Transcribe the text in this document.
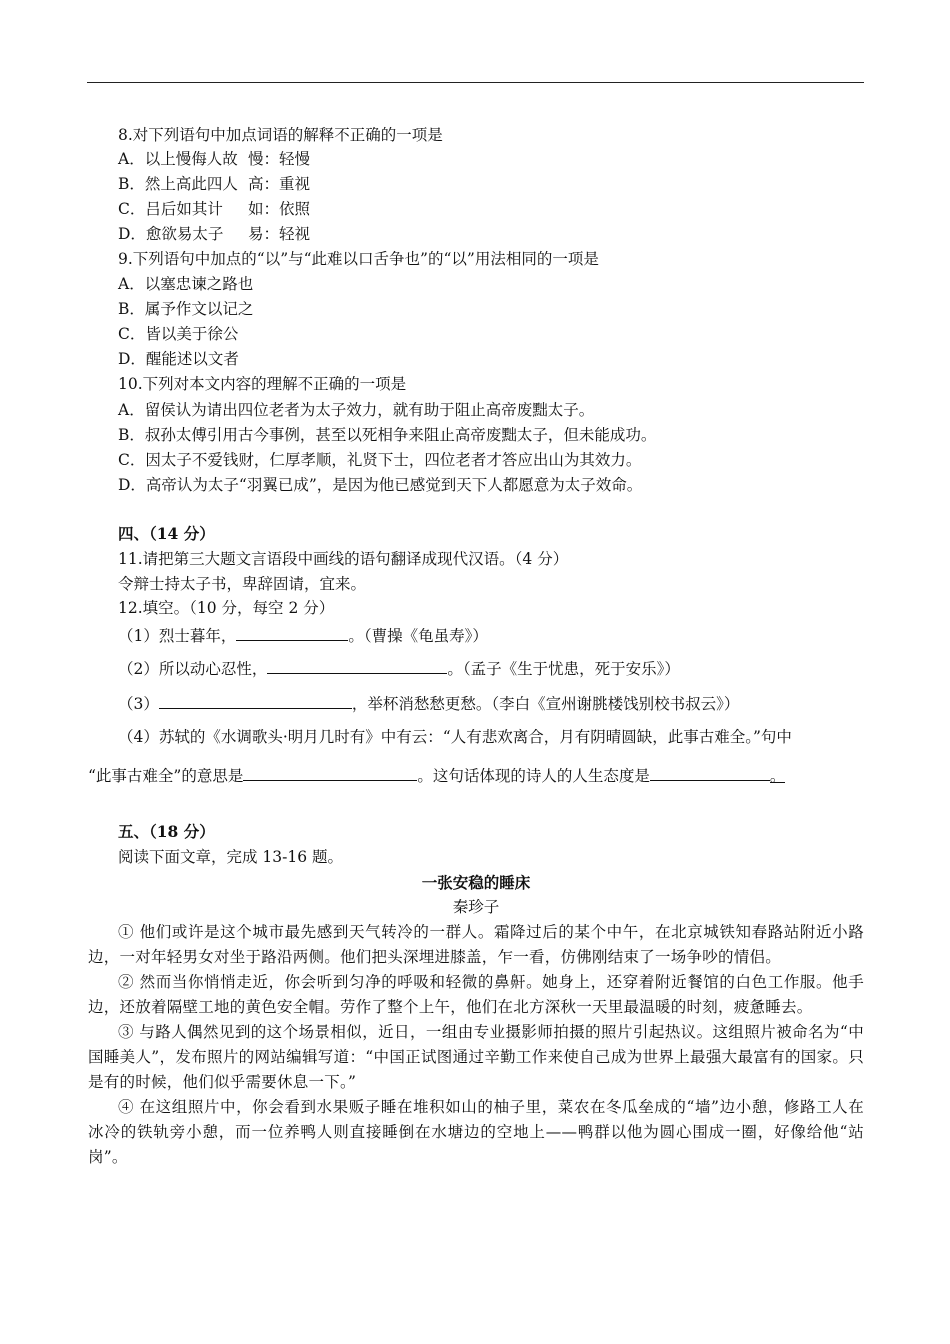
8.对下列语句中加点词语的解释不正确的一项是
A．以上慢侮人故 慢：轻慢
B．然上高此四人 高：重视
C．吕后如其计 如：依照
D．愈欲易太子 易：轻视
9.下列语句中加点的“以”与“此难以口舌争也”的“以”用法相同的一项是
A．以塞忠谏之路也
B．属予作文以记之
C．皆以美于徐公
D．醒能述以文者
10.下列对本文内容的理解不正确的一项是
A．留侯认为请出四位老者为太子效力，就有助于阻止高帝废黜太子。
B．叔孙太傅引用古今事例，甚至以死相争来阻止高帝废黜太子，但未能成功。
C．因太子不爱钱财，仁厚孝顺，礼贤下士，四位老者才答应出山为其效力。
D．高帝认为太子“羽翼已成”，是因为他已感觉到天下人都愿意为太子效命。
四、（14 分）
11.请把第三大题文言语段中画线的语句翻译成现代汉语。（4 分）
令辩士持太子书，卑辞固请，宜来。
12.填空。（10 分，每空 2 分）
（1）烈士暮年，	。（曹操《龟虽寿》）
（2）所以动心忍性，	。（孟子《生于忧患，死于安乐》）
（3）	，举杯消愁愁更愁。（李白《宣州谢朓楼饯别校书叔云》）
（4）苏轼的《水调歌头·明月几时有》中有云：“人有悲欢离合，月有阴晴圆缺，此事古难全。”句中
“此事古难全”的意思是	。这句话体现的诗人的人生态度是	。
五、（18 分）
阅读下面文章，完成 13-16 题。
一张安稳的睡床
秦珍子

① 他们或许是这个城市最先感到天气转冷的一群人。霜降过后的某个中午，在北京城铁知春路站附近小路边，一对年轻男女对坐于路沿两侧。他们把头深埋进膝盖，乍一看，仿佛刚结束了一场争吵的情侣。

② 然而当你悄悄走近，你会听到匀净的呼吸和轻微的鼻鼾。她身上，还穿着附近餐馆的白色工作服。他手边，还放着隔壁工地的黄色安全帽。劳作了整个上午，他们在北方深秋一天里最温暖的时刻，疲惫睡去。

③ 与路人偶然见到的这个场景相似，近日，一组由专业摄影师拍摄的照片引起热议。这组照片被命名为“中国睡美人”，发布照片的网站编辑写道：“中国正试图通过辛勤工作来使自己成为世界上最强大最富有的国家。只是有的时候，他们似乎需要休息一下。”

④ 在这组照片中，你会看到水果贩子睡在堆积如山的柚子里，菜农在冬瓜垒成的“墙”边小憩，修路工人在冰冷的铁轨旁小憩，而一位养鸭人则直接睡倒在水塘边的空地上——鸭群以他为圆心围成一圈，好像给他“站岗”。
